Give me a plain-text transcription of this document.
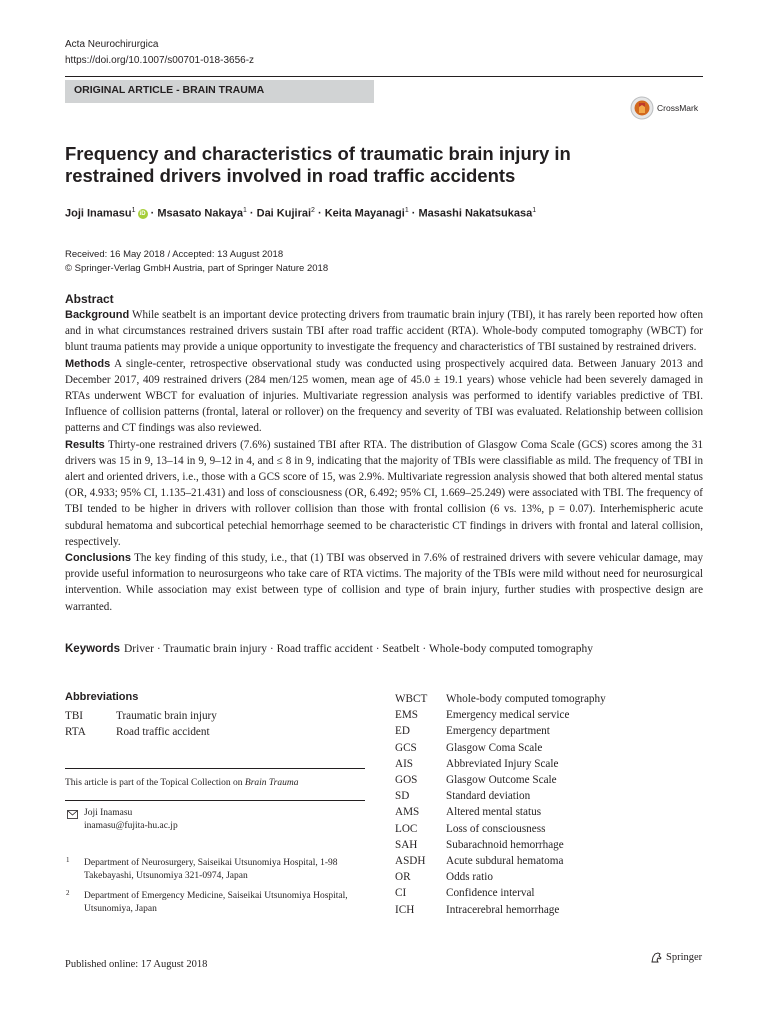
Acta Neurochirurgica
https://doi.org/10.1007/s00701-018-3656-z
ORIGINAL ARTICLE - BRAIN TRAUMA
CrossMark
Frequency and characteristics of traumatic brain injury in restrained drivers involved in road traffic accidents
Joji Inamasu$^1$ iD · Msasato Nakaya$^1$ · Dai Kujirai$^2$ · Keita Mayanagi$^1$ · Masashi Nakatsukasa$^1$
Received: 16 May 2018 / Accepted: 13 August 2018
© Springer-Verlag GmbH Austria, part of Springer Nature 2018
Abstract

Background While seatbelt is an important device protecting drivers from traumatic brain injury (TBI), it has rarely been reported how often and in what circumstances restrained drivers sustain TBI after road traffic accident (RTA). Whole-body computed tomography (WBCT) for blunt trauma patients may provide a unique opportunity to investigate the frequency and characteristics of TBI sustained by restrained drivers.

Methods A single-center, retrospective observational study was conducted using prospectively acquired data. Between January 2013 and December 2017, 409 restrained drivers (284 men/125 women, mean age of 45.0 ± 19.1 years) whose vehicle had been severely damaged in RTAs underwent WBCT for evaluation of injuries. Multivariate regression analysis was performed to identify variables predictive of TBI. Influence of collision patterns (frontal, lateral or rollover) on the frequency and severity of TBI was evaluated. Relationship between collision patterns and CT findings was also reviewed.

Results Thirty-one restrained drivers (7.6%) sustained TBI after RTA. The distribution of Glasgow Coma Scale (GCS) scores among the 31 drivers was 15 in 9, 13–14 in 9, 9–12 in 4, and ≤ 8 in 9, indicating that the majority of TBIs were classifiable as mild. The frequency of TBI in alert and oriented drivers, i.e., those with a GCS score of 15, was 2.9%. Multivariate regression analysis showed that both altered mental status (OR, 4.933; 95% CI, 1.135–21.431) and loss of consciousness (OR, 6.492; 95% CI, 1.669–25.249) were associated with TBI. The frequency of TBI tended to be higher in drivers with rollover collision than those with frontal collision (6 vs. 13%, p = 0.07). Interhemispheric acute subdural hematoma and subcortical petechial hemorrhage seemed to be characteristic CT findings in drivers with frontal and lateral collision, respectively.

Conclusions The key finding of this study, i.e., that (1) TBI was observed in 7.6% of restrained drivers with severe vehicular damage, may provide useful information to neurosurgeons who take care of RTA victims. The majority of the TBIs were mild without need for neurosurgical intervention. While association may exist between type of collision and type of brain injury, further studies with prospective design are warranted.

Keywords Driver · Traumatic brain injury · Road traffic accident · Seatbelt · Whole-body computed tomography
Abbreviations
TBI	Traumatic brain injury
RTA	Road traffic accident
WBCT	Whole-body computed tomography
EMS	Emergency medical service
ED	Emergency department
GCS	Glasgow Coma Scale
AIS	Abbreviated Injury Scale
GOS	Glasgow Outcome Scale
SD	Standard deviation
AMS	Altered mental status
LOC	Loss of consciousness
SAH	Subarachnoid hemorrhage
ASDH	Acute subdural hematoma
OR	Odds ratio
CI	Confidence interval
ICH	Intracerebral hemorrhage
This article is part of the Topical Collection on Brain Trauma
Joji Inamasu
inamasu@fujita-hu.ac.jp
1 Department of Neurosurgery, Saiseikai Utsunomiya Hospital, 1-98 Takebayashi, Utsunomiya 321-0974, Japan
2 Department of Emergency Medicine, Saiseikai Utsunomiya Hospital, Utsunomiya, Japan
Published online: 17 August 2018
Springer
